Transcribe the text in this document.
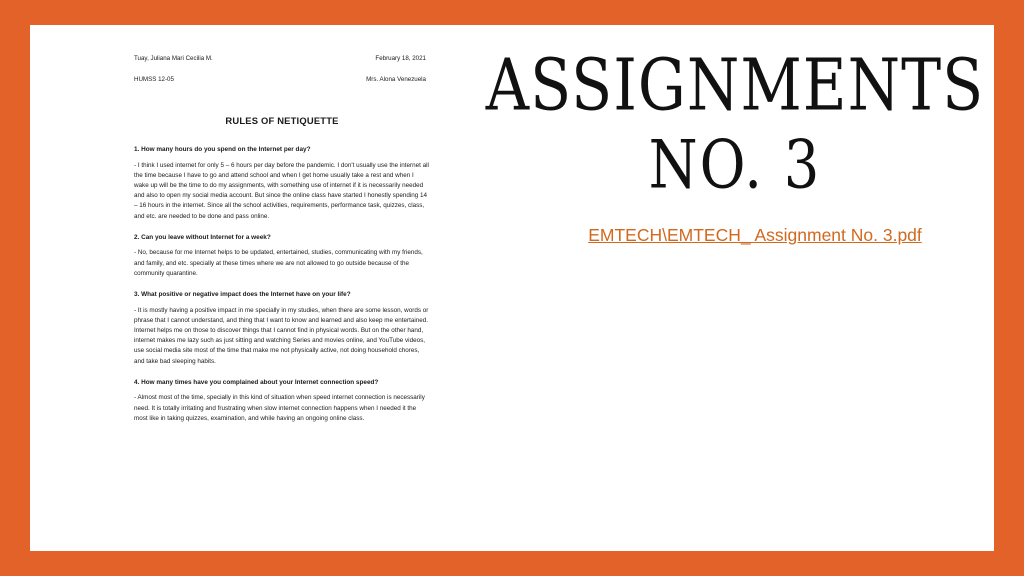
Tuay, Juliana Mari Cecilia M.	February 18, 2021
HUMSS 12-05	Mrs. Alona Venezuela
RULES OF NETIQUETTE

1. How many hours do you spend on the Internet per day?

- I think I used internet for only 5 – 6 hours per day before the pandemic. I don't usually use the internet all the time because I have to go and attend school and when I get home usually take a rest and when I wake up will be the time to do my assignments, with something use of internet if it is necessarily needed and also to open my social media account. But since the online class have started I honestly spending 14 – 16 hours in the internet. Since all the school activities, requirements, performance task, quizzes, class, and etc. are needed to be done and pass online.

2. Can you leave without Internet for a week?

- No, because for me Internet helps to be updated, entertained, studies, communicating with my friends, and family, and etc. specially at these times where we are not allowed to go outside because of the community quarantine.

3. What positive or negative impact does the Internet have on your life?

- It is mostly having a positive impact in me specially in my studies, when there are some lesson, words or phrase that I cannot understand, and thing that I want to know and learned and also keep me entertained. Internet helps me on those to discover things that I cannot find in physical words. But on the other hand, internet makes me lazy such as just sitting and watching Series and movies online, and YouTube videos, use social media site most of the time that make me not physically active, not doing household chores, and take bad sleeping habits.

4. How many times have you complained about your Internet connection speed?

- Almost most of the time, specially in this kind of situation when speed internet connection is necessarily need. It is totally irritating and frustrating when slow internet connection happens when I needed it the most like in taking quizzes, examination, and while having an ongoing online class.

ASSIGNMENTS
NO. 3
EMTECH\EMTECH_ Assignment No. 3.pdf
